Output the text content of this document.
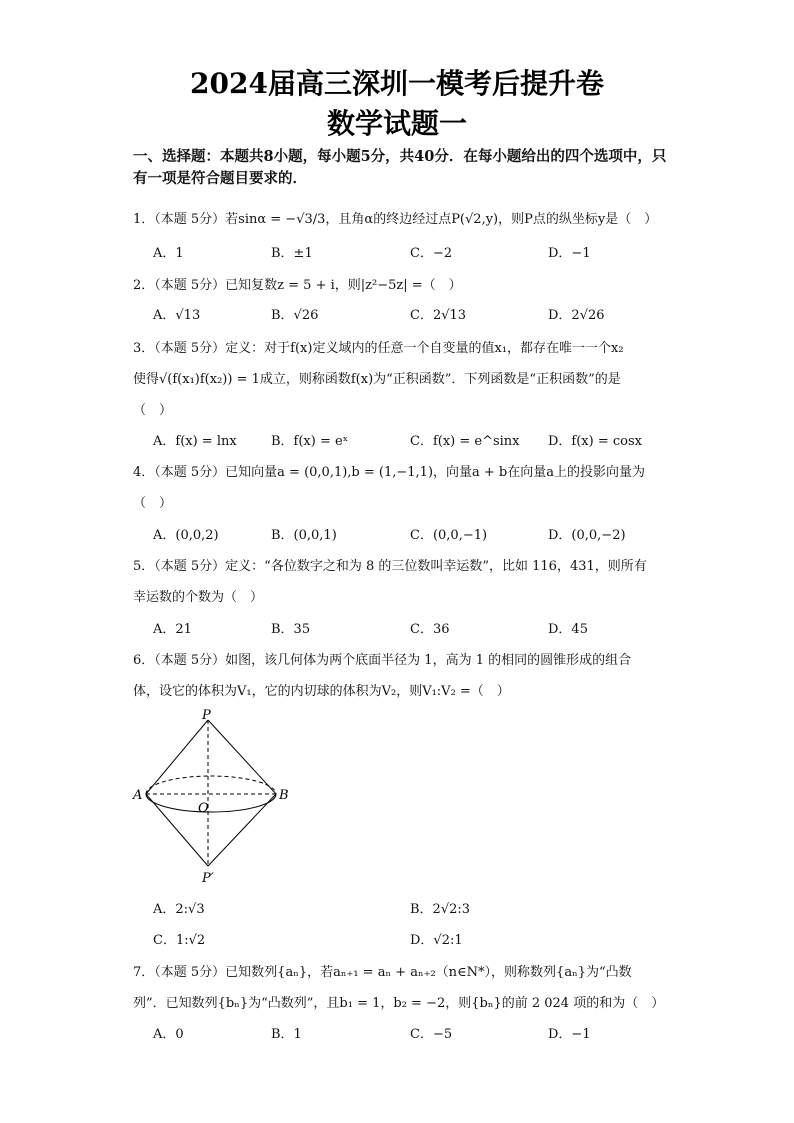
2024届高三深圳一模考后提升卷
数学试题一
一、选择题：本题共8小题，每小题5分，共40分．在每小题给出的四个选项中，只有一项是符合题目要求的．
1．（本题 5分）若sinα = −√3/3，且角α的终边经过点P(√2,y)，则P点的纵坐标y是（　）
A．1	B．±1	C．−2	D．−1
2．（本题 5分）已知复数z = 5 + i，则|z²−5z| =（　）
A．√13	B．√26	C．2√13	D．2√26
3．（本题 5分）定义：对于f(x)定义域内的任意一个自变量的值x₁，都存在唯一一个x₂
使得√(f(x₁)f(x₂)) = 1成立，则称函数f(x)为“正积函数”．下列函数是“正积函数”的是
（　）
A．f(x) = lnx	B．f(x) = eˣ	C．f(x) = e^sinx D．f(x) = cosx
4．（本题 5分）已知向量a = (0,0,1),b = (1,−1,1)，向量a + b在向量a上的投影向量为
（　）
A．(0,0,2)	B．(0,0,1)	C．(0,0,−1)	D．(0,0,−2)
5．（本题 5分）定义：“各位数字之和为 8 的三位数叫幸运数”，比如 116，431，则所有
幸运数的个数为（　）
A．21	B．35	C．36	D．45
6．（本题 5分）如图，该几何体为两个底面半径为 1，高为 1 的相同的圆锥形成的组合
体，设它的体积为V₁，它的内切球的体积为V₂，则V₁:V₂ =（　）
P
P′
A	B
O
A．2:√3	B．2√2:3
C．1:√2	D．√2:1
7．（本题 5分）已知数列{aₙ}，若aₙ₊₁ = aₙ + aₙ₊₂（n∈N*），则称数列{aₙ}为“凸数
列”．已知数列{bₙ}为“凸数列”，且b₁ = 1，b₂ = −2，则{bₙ}的前 2 024 项的和为（　）
A．0	B．1	C．−5	D．−1
